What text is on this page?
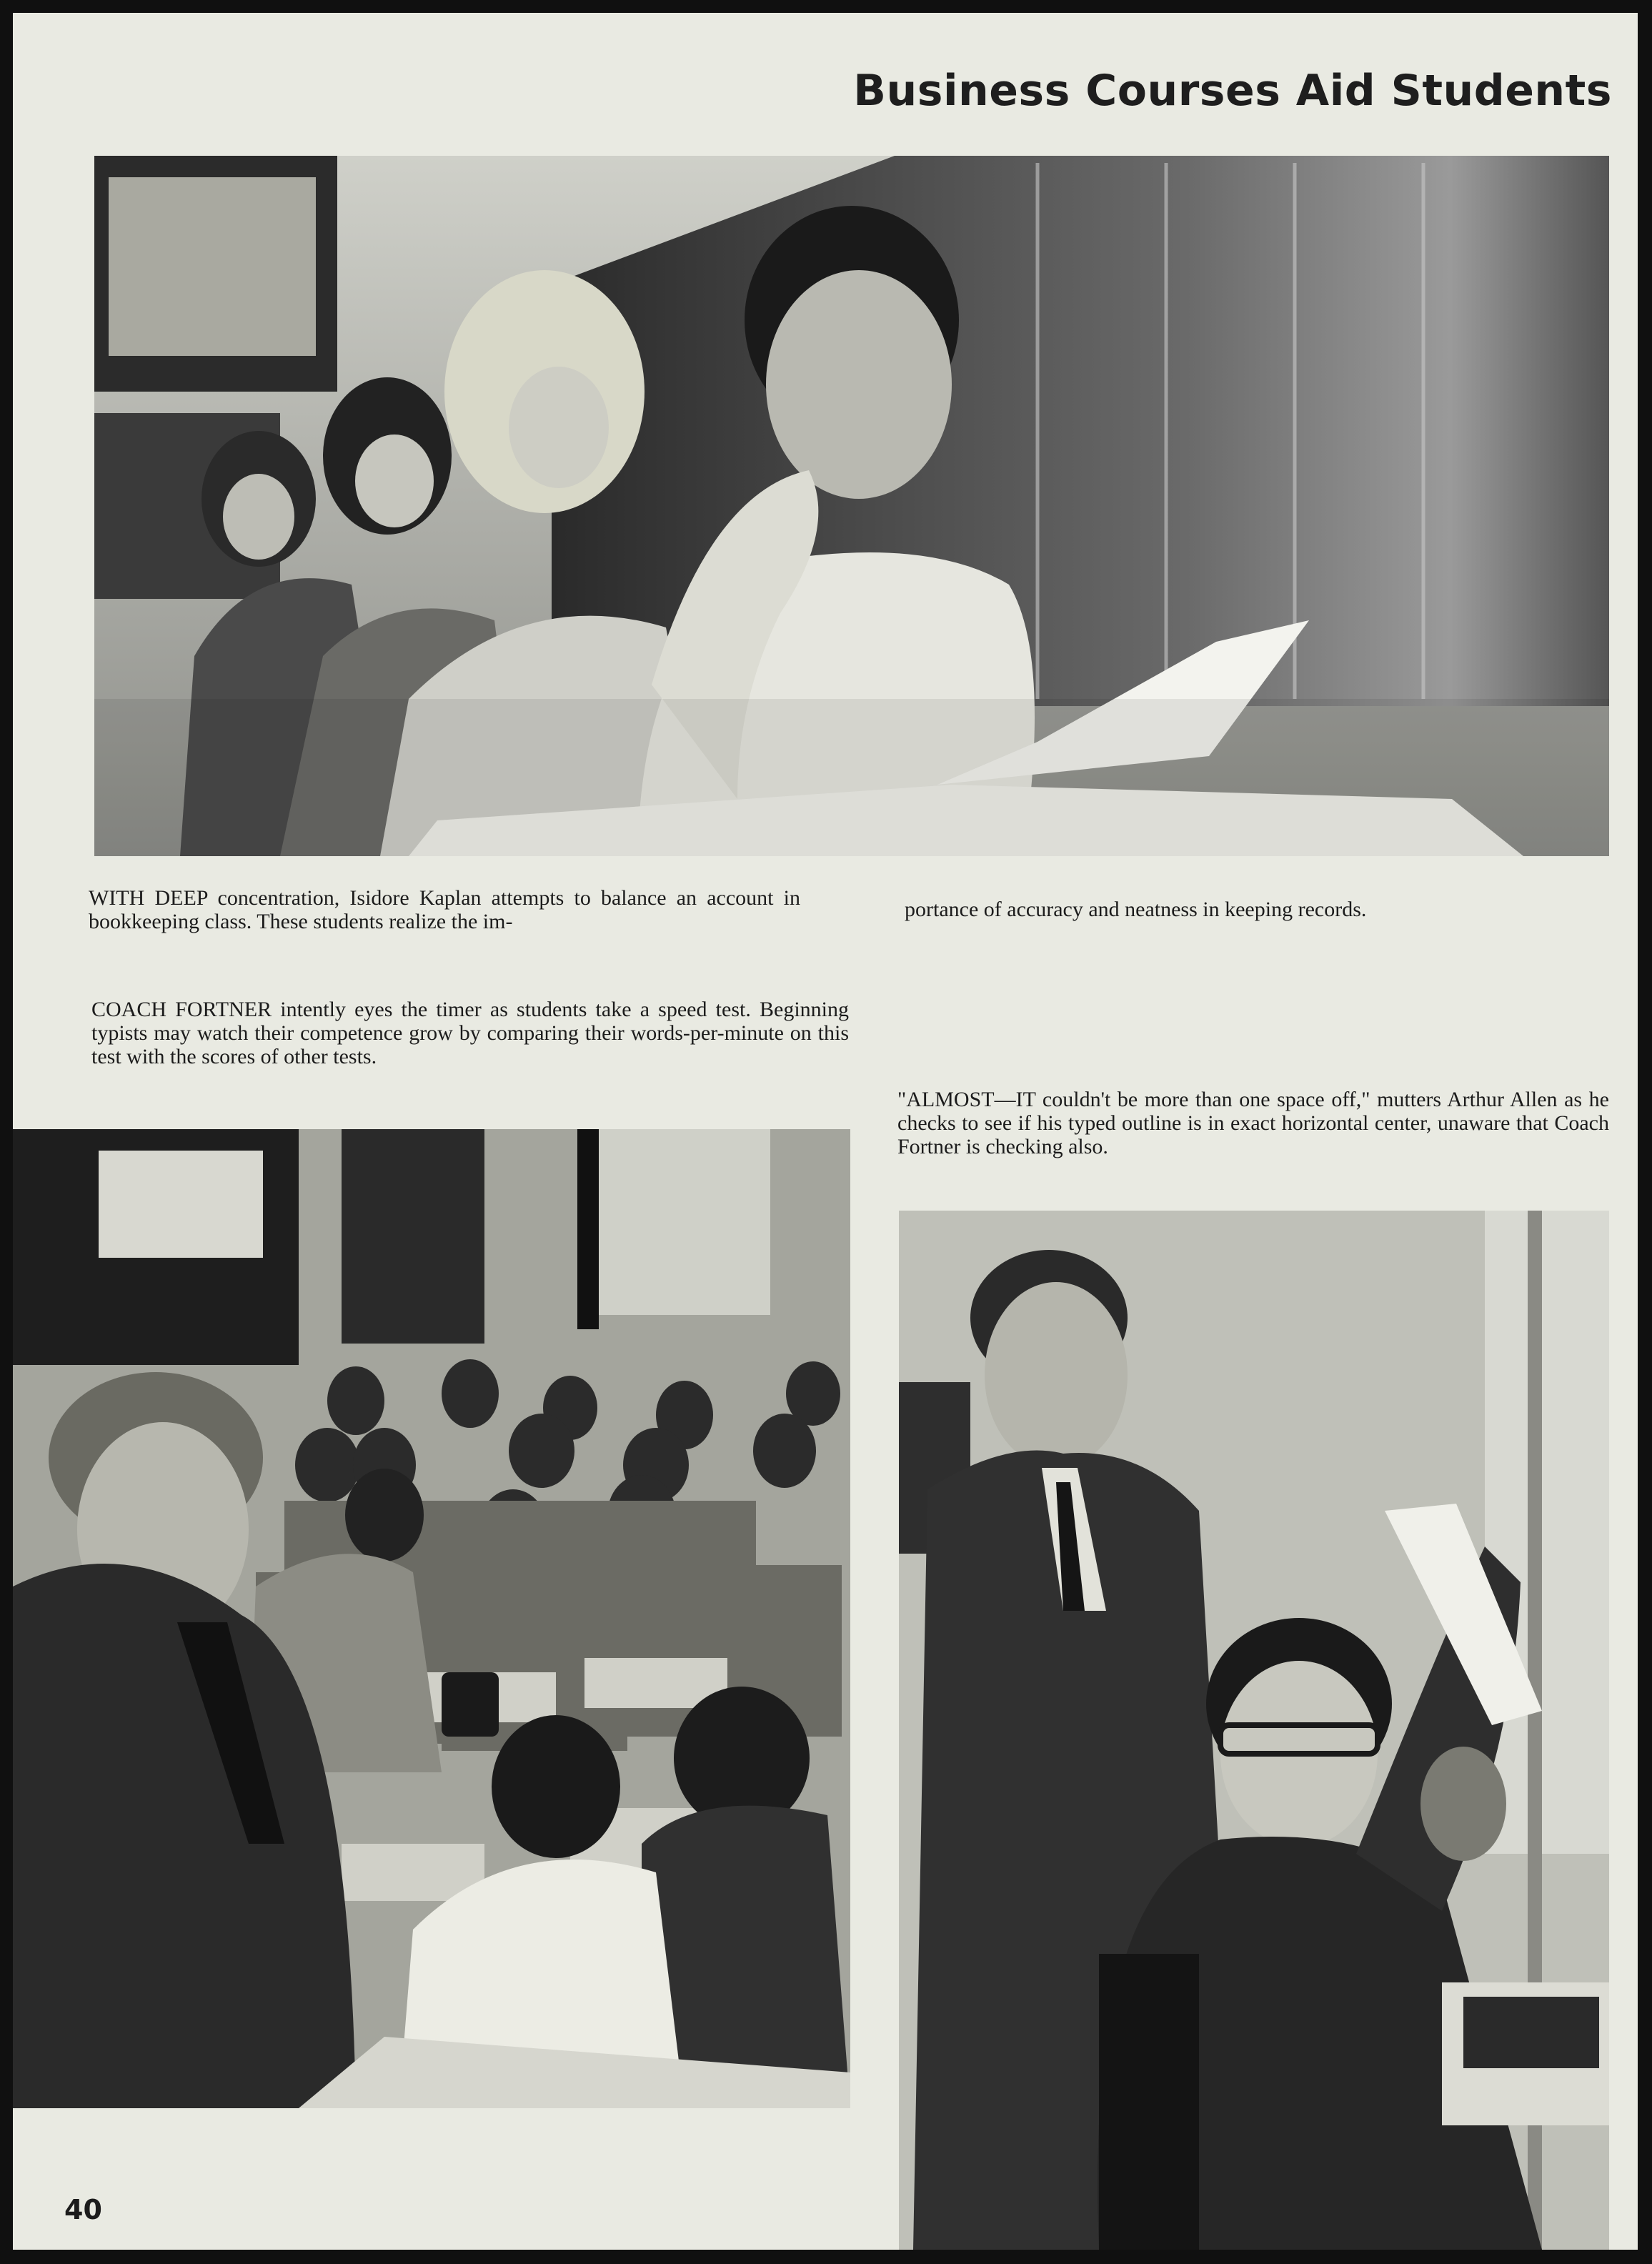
Business Courses Aid Students
WITH DEEP concentration, Isidore Kaplan attempts to balance an account in bookkeeping class. These students realize the im-
portance of accuracy and neatness in keeping records.
COACH FORTNER intently eyes the timer as students take a speed test. Beginning typists may watch their competence grow by comparing their words-per-minute on this test with the scores of other tests.
"ALMOST—IT couldn't be more than one space off," mutters Arthur Allen as he checks to see if his typed outline is in exact horizontal center, unaware that Coach Fortner is checking also.
40
